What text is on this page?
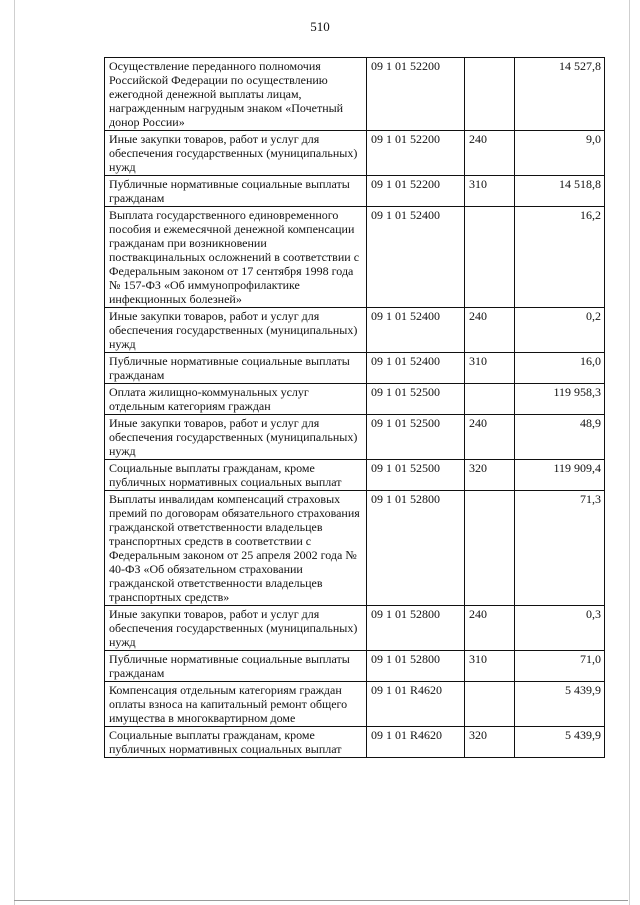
510
Осуществление переданного полномочия Российской Федерации по осуществлению ежегодной денежной выплаты лицам, награжденным нагрудным знаком «Почетный донор России»	09 1 01 52200		14 527,8
Иные закупки товаров, работ и услуг для обеспечения государственных (муниципальных) нужд	09 1 01 52200	240	9,0
Публичные нормативные социальные выплаты гражданам	09 1 01 52200	310	14 518,8
Выплата государственного единовременного пособия и ежемесячной денежной компенсации гражданам при возникновении поствакцинальных осложнений в соответствии с Федеральным законом от 17 сентября 1998 года № 157-ФЗ «Об иммунопрофилактике инфекционных болезней»	09 1 01 52400		16,2
Иные закупки товаров, работ и услуг для обеспечения государственных (муниципальных) нужд	09 1 01 52400	240	0,2
Публичные нормативные социальные выплаты гражданам	09 1 01 52400	310	16,0
Оплата жилищно-коммунальных услуг отдельным категориям граждан	09 1 01 52500		119 958,3
Иные закупки товаров, работ и услуг для обеспечения государственных (муниципальных) нужд	09 1 01 52500	240	48,9
Социальные выплаты гражданам, кроме публичных нормативных социальных выплат	09 1 01 52500	320	119 909,4
Выплаты инвалидам компенсаций страховых премий по договорам обязательного страхования гражданской ответственности владельцев транспортных средств в соответствии с Федеральным законом от 25 апреля 2002 года № 40-ФЗ «Об обязательном страховании гражданской ответственности владельцев транспортных средств»	09 1 01 52800		71,3
Иные закупки товаров, работ и услуг для обеспечения государственных (муниципальных) нужд	09 1 01 52800	240	0,3
Публичные нормативные социальные выплаты гражданам	09 1 01 52800	310	71,0
Компенсация отдельным категориям граждан оплаты взноса на капитальный ремонт общего имущества в многоквартирном доме	09 1 01 R4620		5 439,9
Социальные выплаты гражданам, кроме публичных нормативных социальных выплат	09 1 01 R4620	320	5 439,9
